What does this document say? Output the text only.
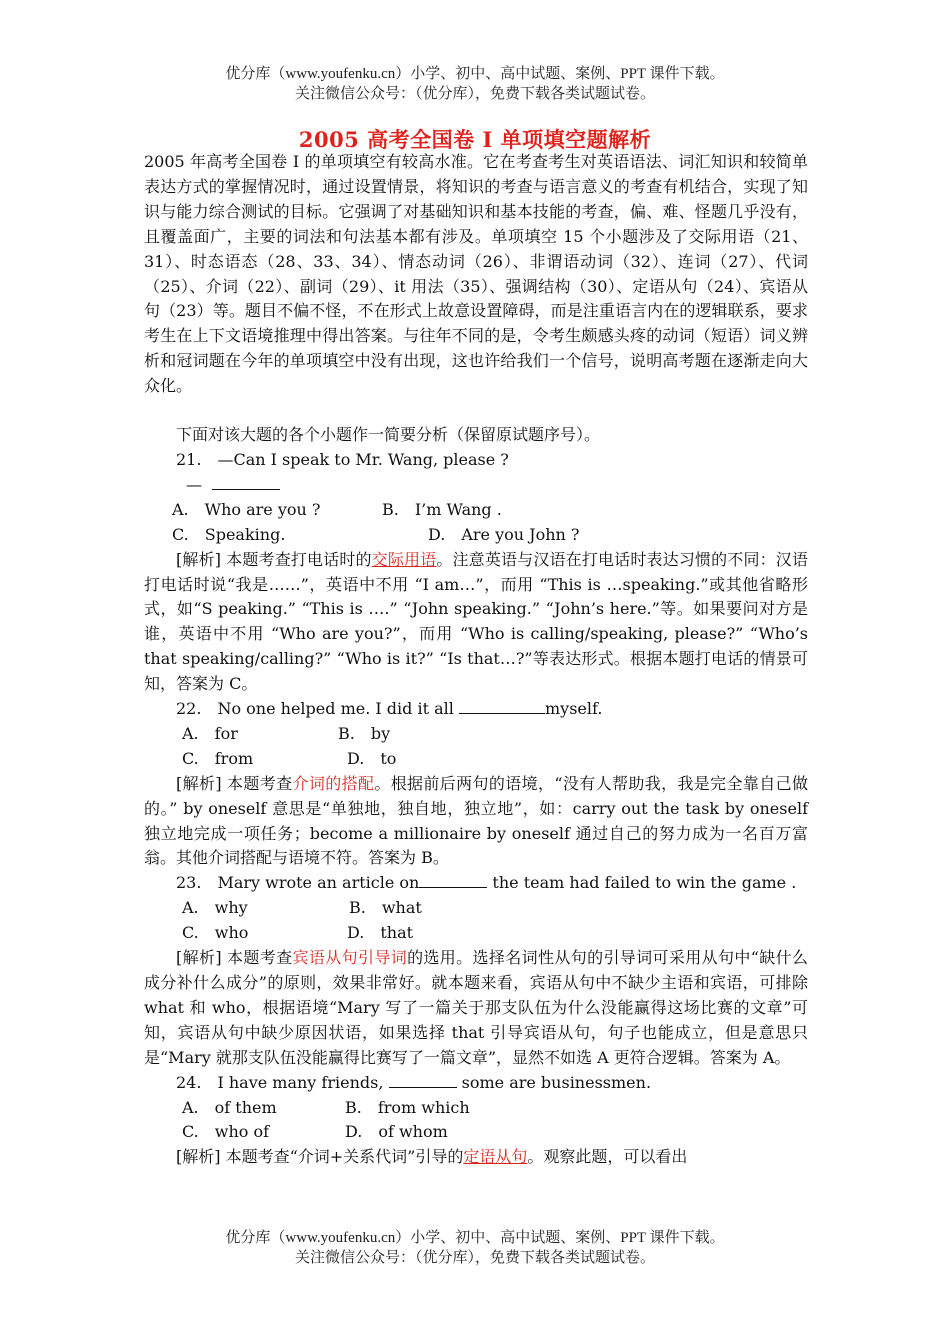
优分库（www.youfenku.cn）小学、初中、高中试题、案例、PPT 课件下载。
关注微信公众号：（优分库），免费下载各类试题试卷。
2005 高考全国卷 I 单项填空题解析

2005 年高考全国卷 I 的单项填空有较高水准。它在考查考生对英语语法、词汇知识和较简单表达方式的掌握情况时，通过设置情景，将知识的考查与语言意义的考查有机结合，实现了知识与能力综合测试的目标。它强调了对基础知识和基本技能的考查，偏、难、怪题几乎没有，且覆盖面广，主要的词法和句法基本都有涉及。单项填空 15 个小题涉及了交际用语（21、31）、时态语态（28、33、34）、情态动词（26）、非谓语动词（32）、连词（27）、代词（25）、介词（22）、副词（29）、it 用法（35）、强调结构（30）、定语从句（24）、宾语从句（23）等。题目不偏不怪，不在形式上故意设置障碍，而是注重语言内在的逻辑联系，要求考生在上下文语境推理中得出答案。与往年不同的是，令考生颇感头疼的动词（短语）词义辨析和冠词题在今年的单项填空中没有出现，这也许给我们一个信号，说明高考题在逐渐走向大众化。

下面对该大题的各个小题作一简要分析（保留原试题序号）。

21.　—Can I speak to Mr. Wang, please ?

—

A.　Who are you ?	B.　I’m Wang .
C.　Speaking.	D.　Are you John ?

[解析] 本题考查打电话时的交际用语。注意英语与汉语在打电话时表达习惯的不同：汉语打电话时说“我是……”，英语中不用 “I am…”，而用 “This is …speaking.”或其他省略形式，如“S peaking.” “This is ….” “John speaking.” “John’s here.”等。如果要问对方是谁，英语中不用 “Who are you?”，而用 “Who is calling/speaking, please?” “Who’s that speaking/calling?” “Who is it?” “Is that…?”等表达形式。根据本题打电话的情景可知，答案为 C。

22.　No one helped me. I did it all	myself.

A.　for	B.　by
C.　from	D.　to

[解析] 本题考查介词的搭配。根据前后两句的语境，“没有人帮助我，我是完全靠自己做的。” by oneself 意思是“单独地，独自地，独立地”，如：carry out the task by oneself 独立地完成一项任务；become a millionaire by oneself 通过自己的努力成为一名百万富翁。其他介词搭配与语境不符。答案为 B。

23.　Mary wrote an article on	the team had failed to win the game .

A.　why	B.　what
C.　who	D.　that

[解析] 本题考查宾语从句引导词的选用。选择名词性从句的引导词可采用从句中“缺什么成分补什么成分”的原则，效果非常好。就本题来看，宾语从句中不缺少主语和宾语，可排除 what 和 who，根据语境“Mary 写了一篇关于那支队伍为什么没能赢得这场比赛的文章”可知，宾语从句中缺少原因状语，如果选择 that 引导宾语从句，句子也能成立，但是意思只是“Mary 就那支队伍没能赢得比赛写了一篇文章”，显然不如选 A 更符合逻辑。答案为 A。

24.　I have many friends,	some are businessmen.

A.　of them	B.　from which
C.　who of	D.　of whom

[解析] 本题考查“介词+关系代词”引导的定语从句。观察此题，可以看出

优分库（www.youfenku.cn）小学、初中、高中试题、案例、PPT 课件下载。
关注微信公众号：（优分库），免费下载各类试题试卷。
